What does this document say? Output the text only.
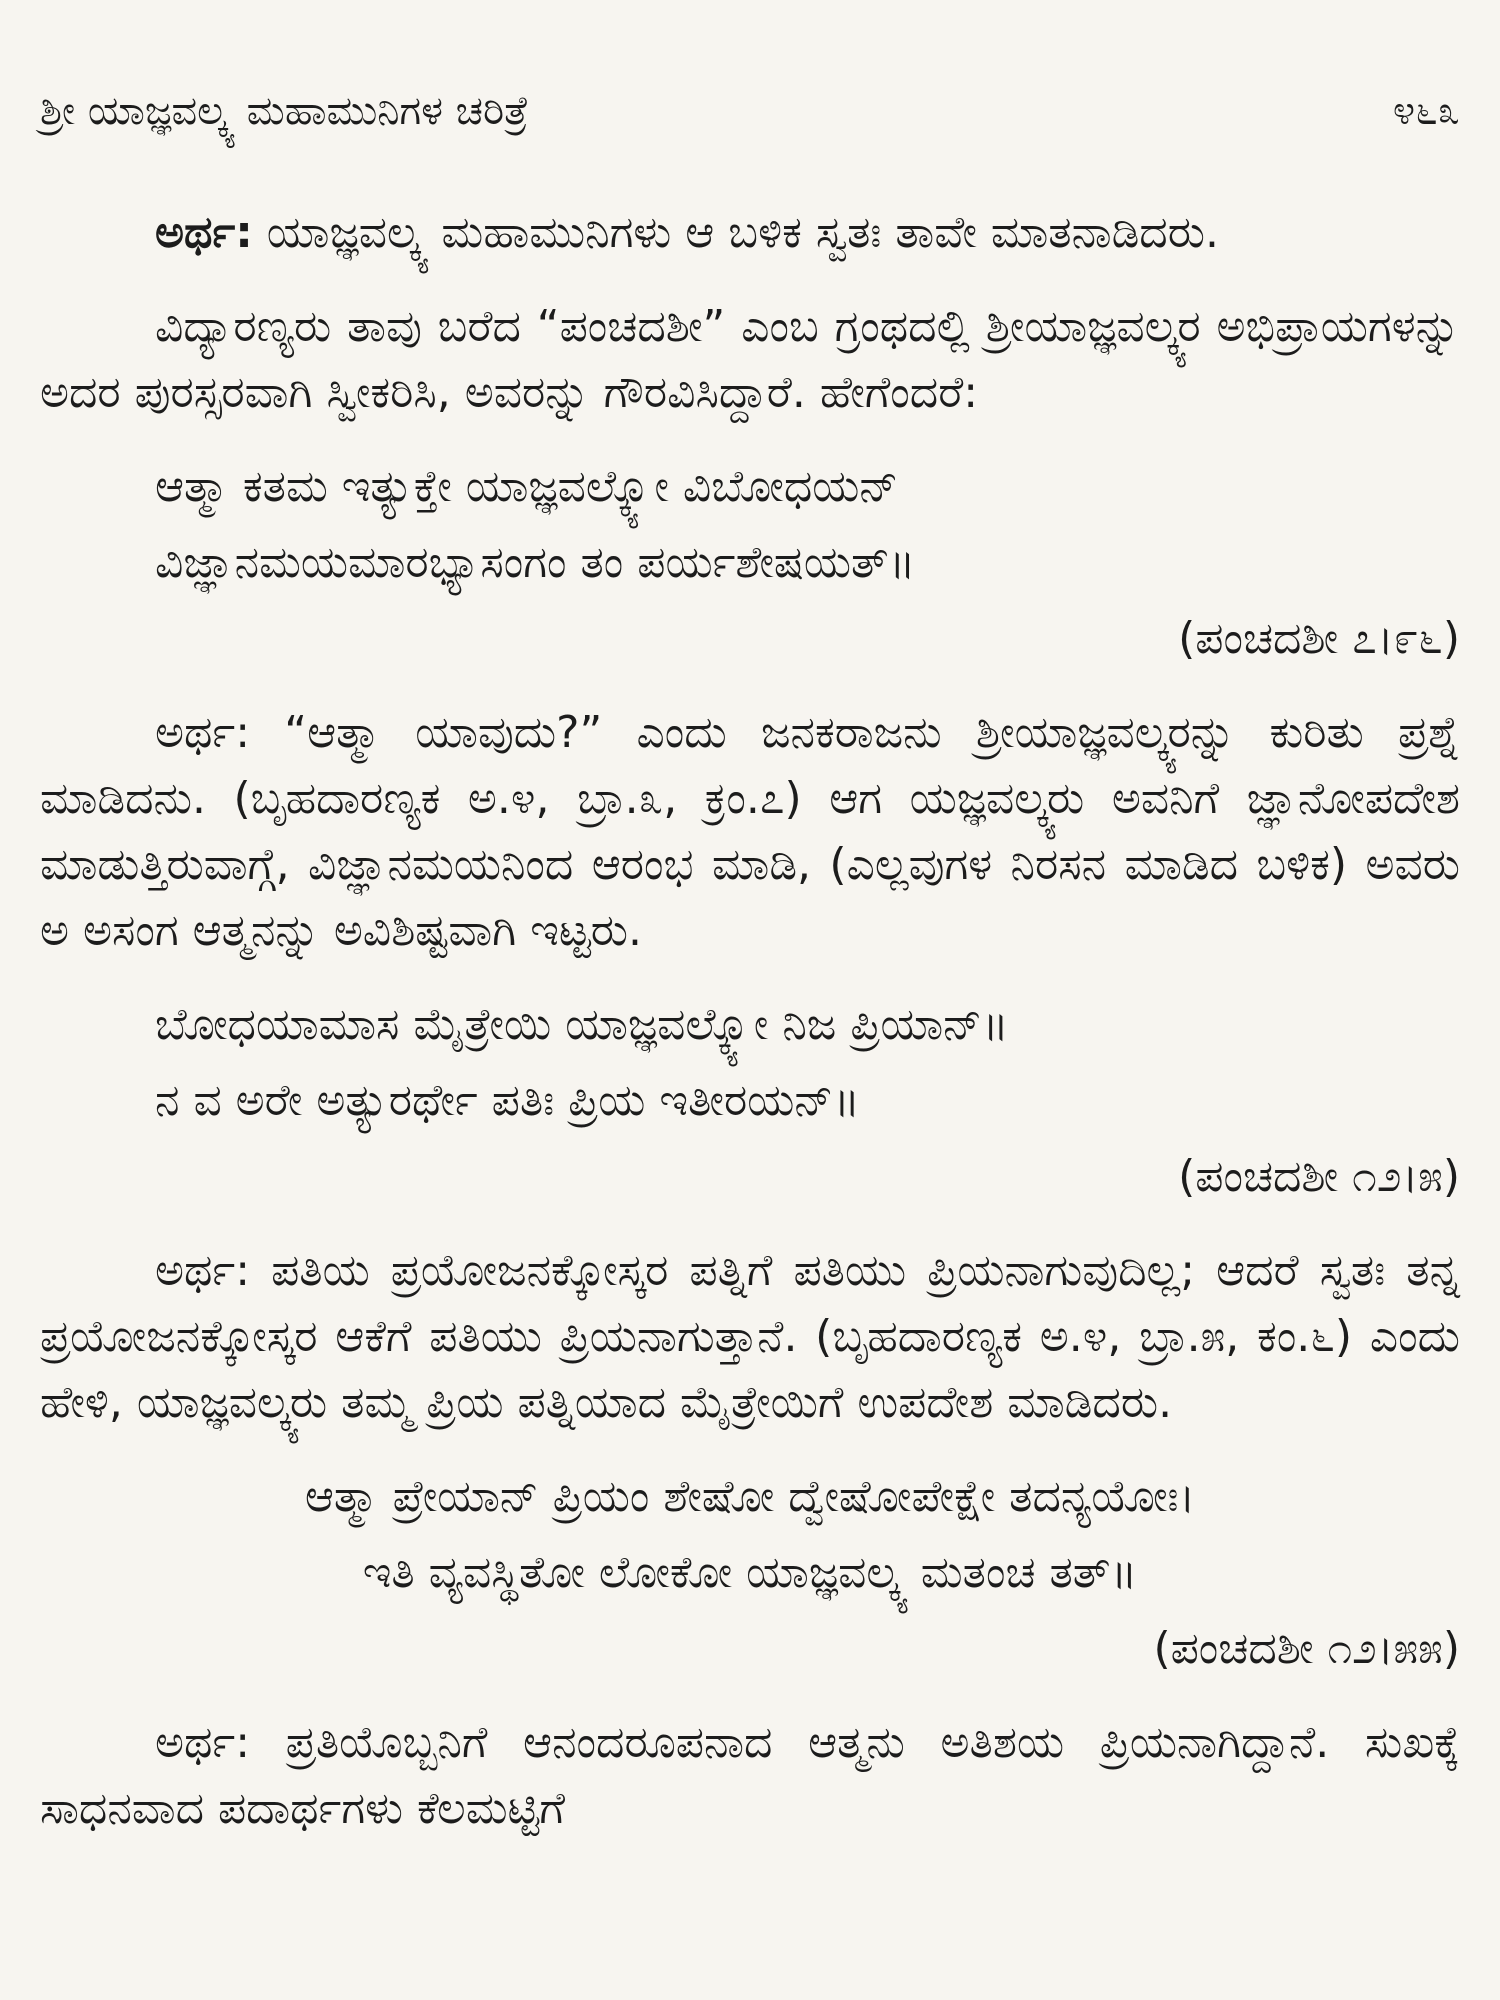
ಶ್ರೀ ಯಾಜ್ಞವಲ್ಕ್ಯ ಮಹಾಮುನಿಗಳ ಚರಿತ್ರೆ	೪೬೩

ಅರ್ಥ: ಯಾಜ್ಞವಲ್ಕ್ಯ ಮಹಾಮುನಿಗಳು ಆ ಬಳಿಕ ಸ್ವತಃ ತಾವೇ ಮಾತನಾಡಿದರು.

ವಿದ್ಯಾರಣ್ಯರು ತಾವು ಬರೆದ “ಪಂಚದಶೀ” ಎಂಬ ಗ್ರಂಥದಲ್ಲಿ ಶ್ರೀಯಾಜ್ಞವಲ್ಕ್ಯರ ಅಭಿಪ್ರಾಯಗಳನ್ನು ಅದರ ಪುರಸ್ಸರವಾಗಿ ಸ್ವೀಕರಿಸಿ, ಅವರನ್ನು ಗೌರವಿಸಿದ್ದಾರೆ. ಹೇಗೆಂದರೆ:

ಆತ್ಮಾ ಕತಮ ಇತ್ಯುಕ್ತೇ ಯಾಜ್ಞವಲ್ಕ್ಯೋ ವಿಬೋಧಯನ್

ವಿಜ್ಞಾನಮಯಮಾರಭ್ಯಾಸಂಗಂ ತಂ ಪರ್ಯಶೇಷಯತ್॥

(ಪಂಚದಶೀ ೭।೯೬)

ಅರ್ಥ: “ಆತ್ಮಾ ಯಾವುದು?” ಎಂದು ಜನಕರಾಜನು ಶ್ರೀಯಾಜ್ಞವಲ್ಕ್ಯರನ್ನು ಕುರಿತು ಪ್ರಶ್ನೆ ಮಾಡಿದನು. (ಬೃಹದಾರಣ್ಯಕ ಅ.೪, ಬ್ರಾ.೩, ಕ್ರಂ.೭) ಆಗ ಯಜ್ಞವಲ್ಕ್ಯರು ಅವನಿಗೆ ಜ್ಞಾನೋಪದೇಶ ಮಾಡುತ್ತಿರುವಾಗ್ಗೆ, ವಿಜ್ಞಾನಮಯನಿಂದ ಆರಂಭ ಮಾಡಿ, (ಎಲ್ಲವುಗಳ ನಿರಸನ ಮಾಡಿದ ಬಳಿಕ) ಅವರು ಅ ಅಸಂಗ ಆತ್ಮನನ್ನು ಅವಿಶಿಷ್ಟವಾಗಿ ಇಟ್ಟರು.

ಬೋಧಯಾಮಾಸ ಮೈತ್ರೇಯಿ ಯಾಜ್ಞವಲ್ಕ್ಯೋ ನಿಜ ಪ್ರಿಯಾನ್॥

ನ ವ ಅರೇ ಅತ್ಯುರರ್ಥೇ ಪತಿಃ ಪ್ರಿಯ ಇತೀರಯನ್॥

(ಪಂಚದಶೀ ೧೨।೫)

ಅರ್ಥ: ಪತಿಯ ಪ್ರಯೋಜನಕ್ಕೋಸ್ಕರ ಪತ್ನಿಗೆ ಪತಿಯು ಪ್ರಿಯನಾಗುವುದಿಲ್ಲ; ಆದರೆ ಸ್ವತಃ ತನ್ನ ಪ್ರಯೋಜನಕ್ಕೋಸ್ಕರ ಆಕೆಗೆ ಪತಿಯು ಪ್ರಿಯನಾಗುತ್ತಾನೆ. (ಬೃಹದಾರಣ್ಯಕ ಅ.೪, ಬ್ರಾ.೫, ಕಂ.೬) ಎಂದು ಹೇಳಿ, ಯಾಜ್ಞವಲ್ಕ್ಯರು ತಮ್ಮ ಪ್ರಿಯ ಪತ್ನಿಯಾದ ಮೈತ್ರೇಯಿಗೆ ಉಪದೇಶ ಮಾಡಿದರು.

ಆತ್ಮಾ ಪ್ರೇಯಾನ್ ಪ್ರಿಯಂ ಶೇಷೋ ದ್ವೇಷೋಪೇಕ್ಷೇ ತದನ್ಯಯೋಃ।

ಇತಿ ವ್ಯವಸ್ಥಿತೋ ಲೋಕೋ ಯಾಜ್ಞವಲ್ಕ್ಯ ಮತಂಚ ತತ್॥

(ಪಂಚದಶೀ ೧೨।೫೫)

ಅರ್ಥ: ಪ್ರತಿಯೊಬ್ಬನಿಗೆ ಆನಂದರೂಪನಾದ ಆತ್ಮನು ಅತಿಶಯ ಪ್ರಿಯನಾಗಿದ್ದಾನೆ. ಸುಖಕ್ಕೆ ಸಾಧನವಾದ ಪದಾರ್ಥಗಳು ಕೆಲಮಟ್ಟಿಗೆ
